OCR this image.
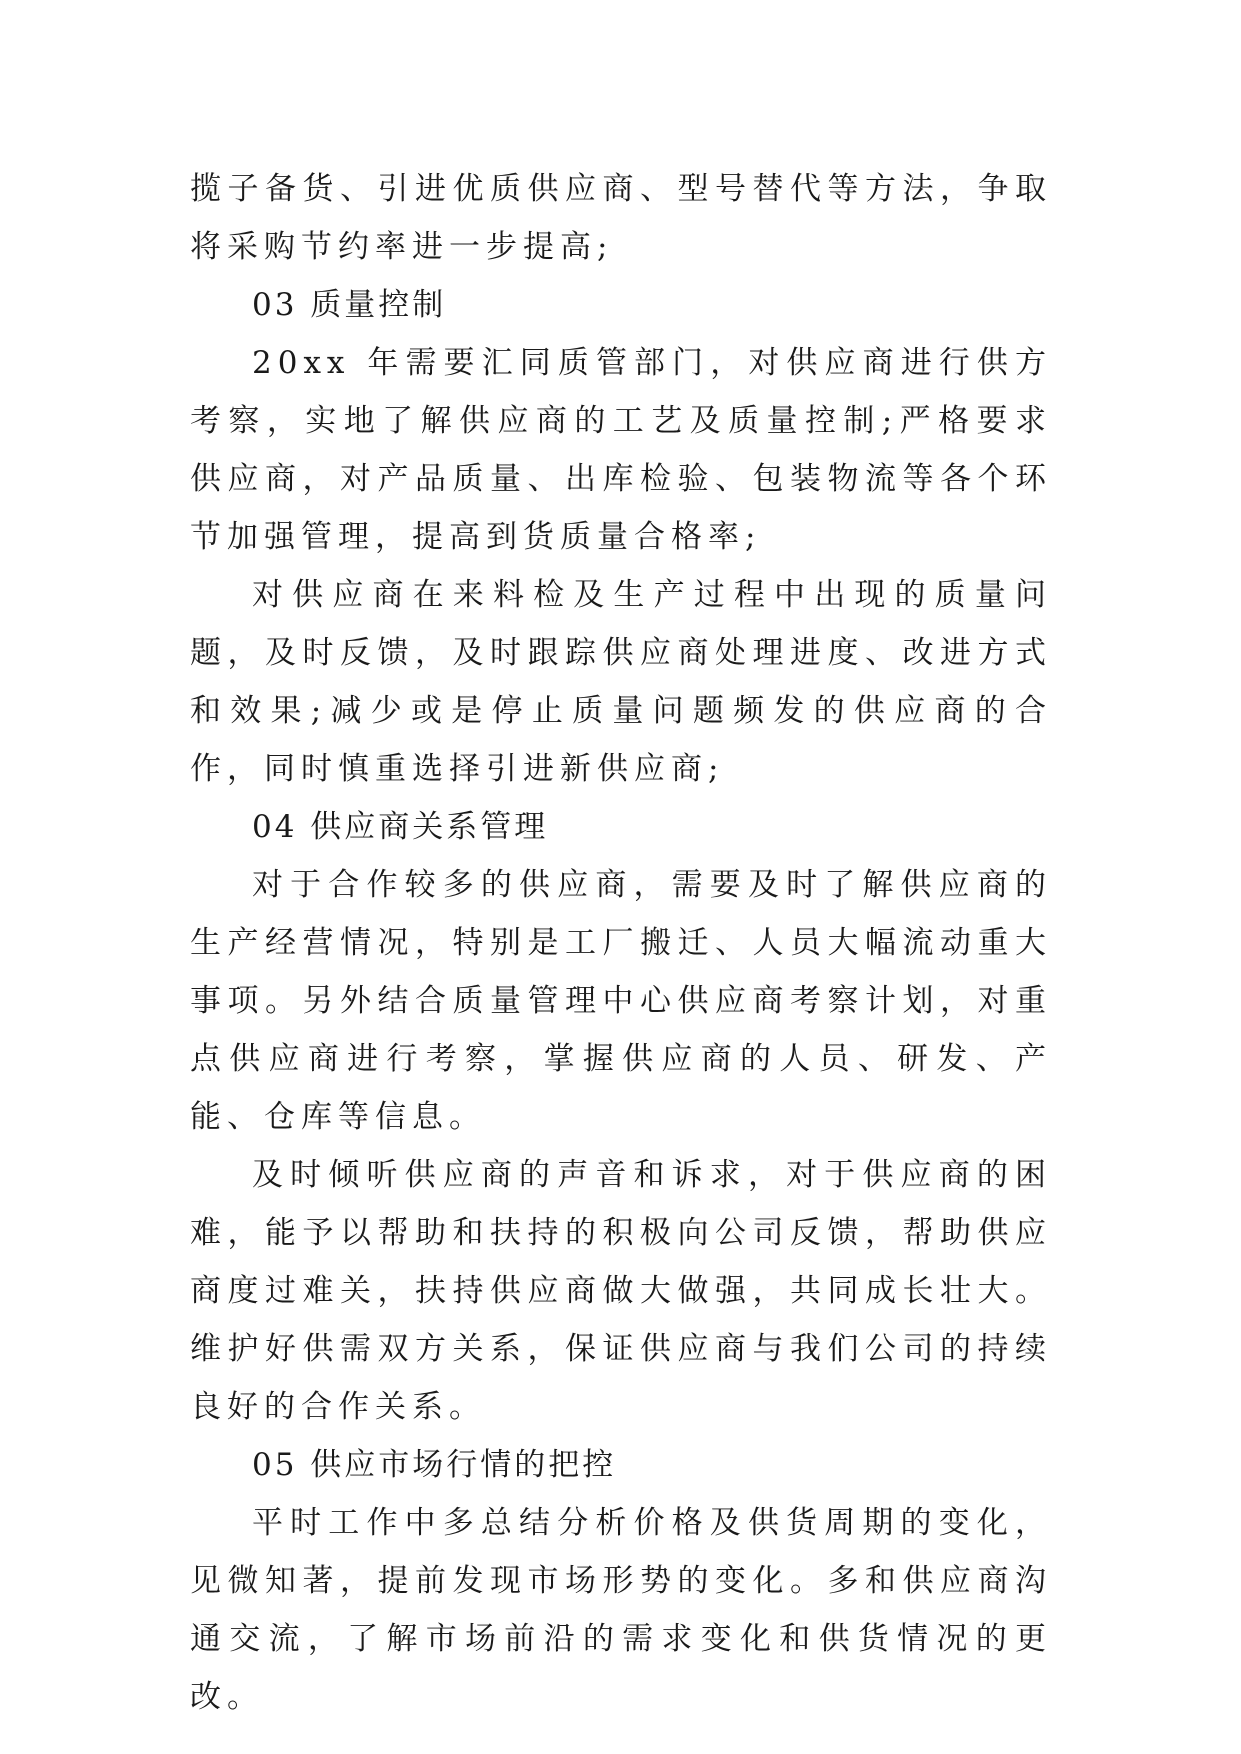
揽子备货、引进优质供应商、型号替代等方法，争取将采购节约率进一步提高;

03 质量控制

20xx 年需要汇同质管部门，对供应商进行供方考察，实地了解供应商的工艺及质量控制;严格要求供应商，对产品质量、出库检验、包装物流等各个环节加强管理，提高到货质量合格率;

对供应商在来料检及生产过程中出现的质量问题，及时反馈，及时跟踪供应商处理进度、改进方式和效果;减少或是停止质量问题频发的供应商的合作，同时慎重选择引进新供应商;

04 供应商关系管理

对于合作较多的供应商，需要及时了解供应商的生产经营情况，特别是工厂搬迁、人员大幅流动重大事项。另外结合质量管理中心供应商考察计划，对重点供应商进行考察，掌握供应商的人员、研发、产能、仓库等信息。

及时倾听供应商的声音和诉求，对于供应商的困难，能予以帮助和扶持的积极向公司反馈，帮助供应商度过难关，扶持供应商做大做强，共同成长壮大。维护好供需双方关系，保证供应商与我们公司的持续良好的合作关系。

05 供应市场行情的把控

平时工作中多总结分析价格及供货周期的变化，见微知著，提前发现市场形势的变化。多和供应商沟通交流，了解市场前沿的需求变化和供货情况的更改。
